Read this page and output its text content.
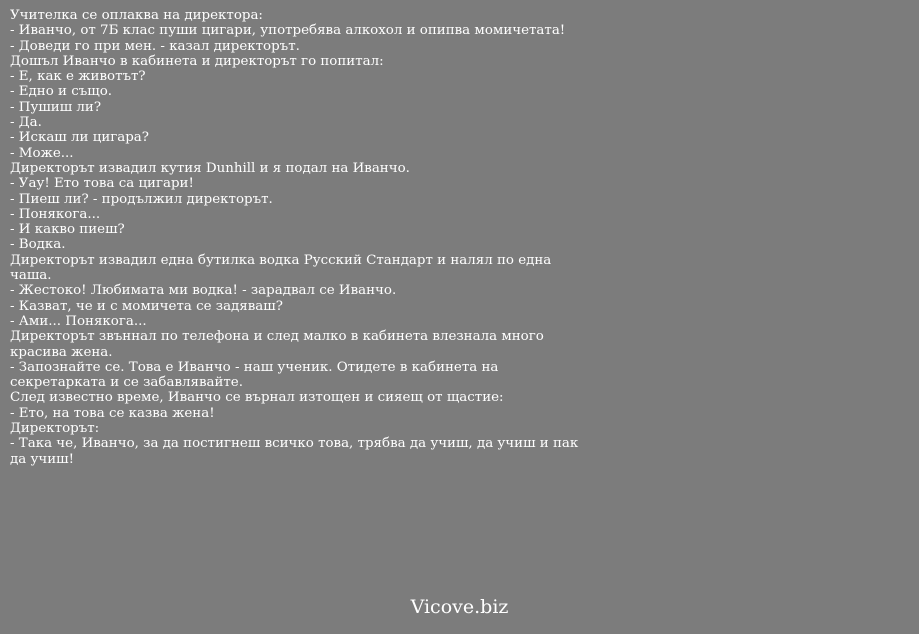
Учителка се оплаква на директора:
- Иванчо, от 7Б клас пуши цигари, употребява алкохол и опипва момичетата!
- Доведи го при мен. - казал директорът.
Дошъл Иванчо в кабинета и директорът го попитал:
- Е, как е животът?
- Едно и също.
- Пушиш ли?
- Да.
- Искаш ли цигара?
- Може...
Директорът извадил кутия Dunhill и я подал на Иванчо.
- Уау! Ето това са цигари!
- Пиеш ли? - продължил директорът.
- Понякога...
- И какво пиеш?
- Водка.
Директорът извадил една бутилка водка Русский Стандарт и налял по една чаша.
- Жестоко! Любимата ми водка! - зарадвал се Иванчо.
- Казват, че и с момичета се задяваш?
- Ами... Понякога...
Директорът звъннал по телефона и след малко в кабинета влезнала много красива жена.
- Запознайте се. Това е Иванчо - наш ученик. Отидете в кабинета на секретарката и се забавлявайте.
След известно време, Иванчо се върнал изтощен и сияещ от щастие:
- Ето, на това се казва жена!
Директорът:
- Така че, Иванчо, за да постигнеш всичко това, трябва да учиш, да учиш и пак да учиш!
Vicove.biz
